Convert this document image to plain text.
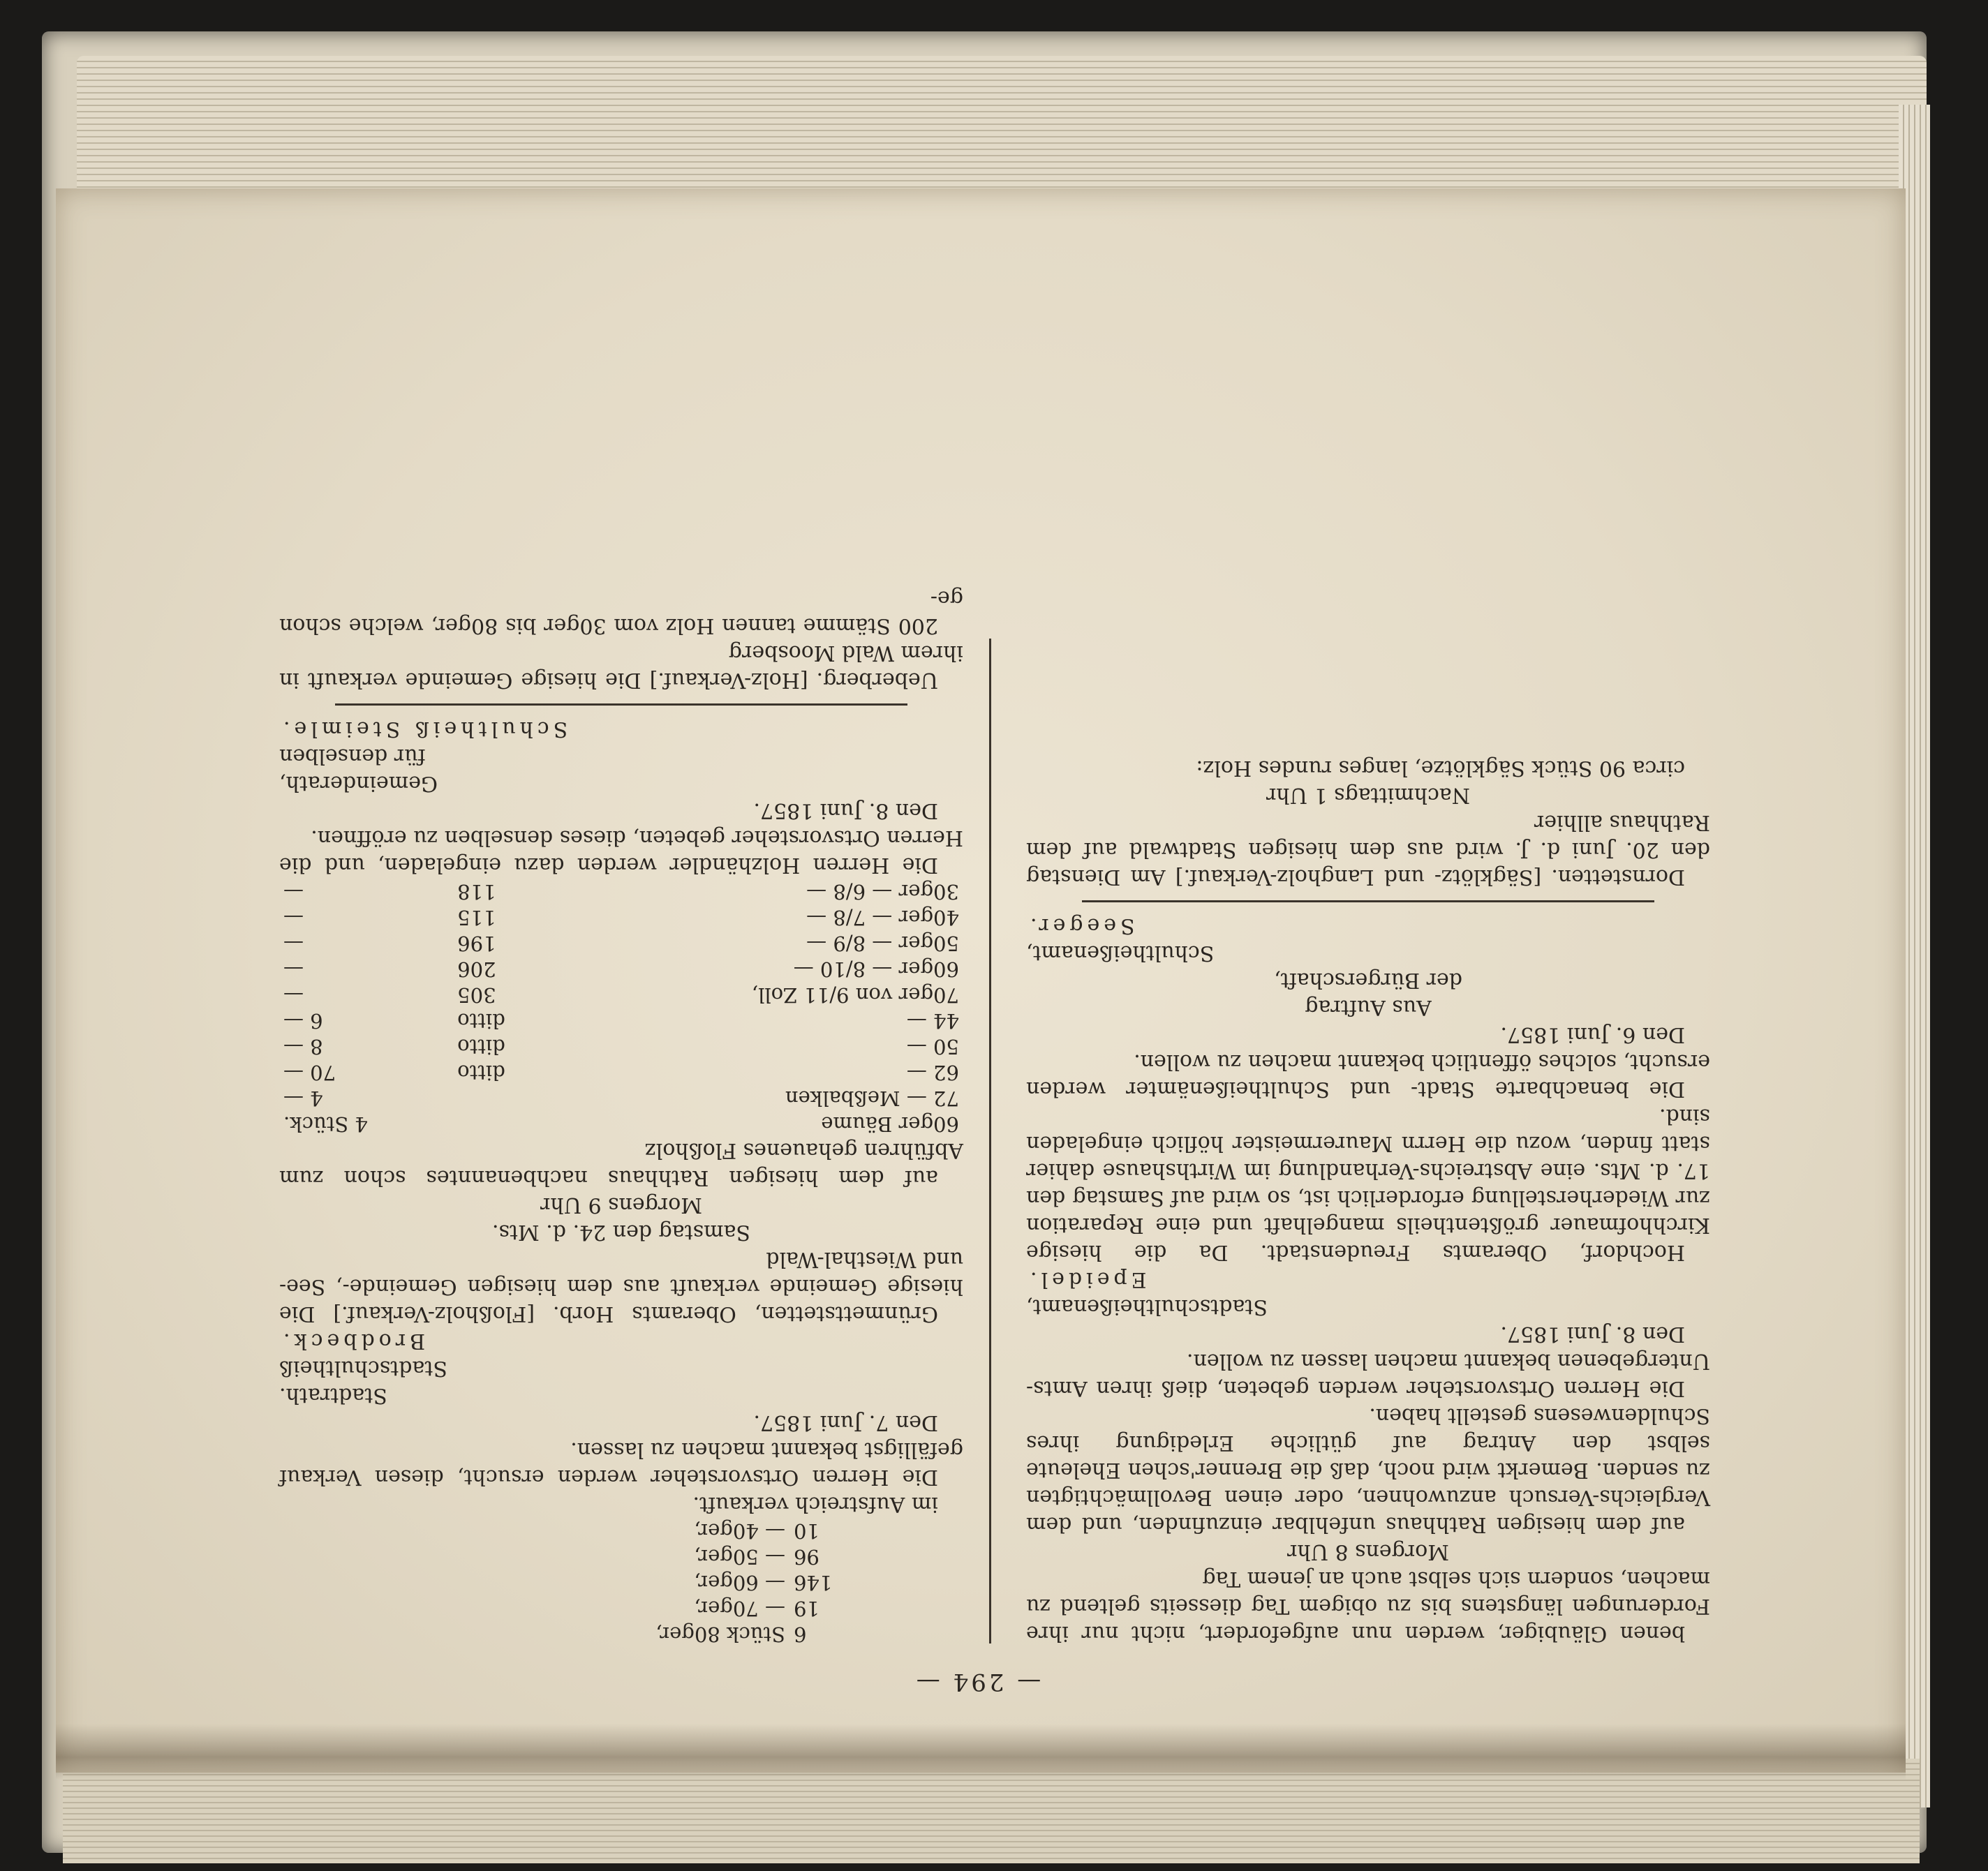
— 294 —

benen Gläubiger, werden nun aufgefordert, nicht nur ihre Forderungen längstens bis zu obigem Tag diesseits geltend zu machen, sondern sich selbst auch an jenem Tag

Morgens 8 Uhr

auf dem hiesigen Rathhaus unfehlbar einzufinden, und dem Vergleichs-Versuch anzuwohnen, oder einen Bevollmächtigten zu senden. Bemerkt wird noch, daß die Brenner'schen Eheleute selbst den Antrag auf gütliche Erledigung ihres Schuldenwesens gestellt haben.

Die Herren Ortsvorsteher werden gebeten, dieß ihren Amts-Untergebenen bekannt machen lassen zu wollen.

Den 8. Juni 1857.

Stadtschultheißenamt,

Epeidel.

Hochdorf, Oberamts Freudenstadt. Da die hiesige Kirchhofmauer größtentheils mangelhaft und eine Reparation zur Wiederherstellung erforderlich ist, so wird auf Samstag den 17. d. Mts. eine Abstreichs-Verhandlung im Wirthshause dahier statt finden, wozu die Herrn Maurermeister höflich eingeladen sind.

Die benachbarte Stadt- und Schultheißenämter werden ersucht, solches öffentlich bekannt machen zu wollen.

Den 6. Juni 1857.

Aus Auftrag

der Bürgerschaft,

Schultheißenamt,

Seeger.

Dornstetten. [Sägklötz- und Langholz-Verkauf.] Am Dienstag den 20. Juni d. J. wird aus dem hiesigen Stadtwald auf dem Rathhaus allhier

Nachmittags 1 Uhr

circa 90 Stück Sägklötze, langes rundes Holz:

6	Stück 80ger,
19	— 70ger,
146	— 60ger,
96	— 50ger,
10	— 40ger,

im Aufstreich verkauft.

Die Herren Ortsvorsteher werden ersucht, diesen Verkauf gefälligst bekannt machen zu lassen.

Den 7. Juni 1857.

Stadtrath.

Stadtschultheiß

Brodbeck.

Grünmettstetten, Oberamts Horb. [Floßholz-Verkauf.] Die hiesige Gemeinde verkauft aus dem hiesigen Gemeinde-, See- und Wiesthal-Wald

Samstag den 24. d. Mts.

Morgens 9 Uhr

auf dem hiesigen Rathhaus nachbenanntes schon zum Abführen gehauenes Floßholz

60ger Bäume		4 Stück.
72 — Meßbalken		4 —
62 —	ditto	70 —
50 —	ditto	8 —
44 —	ditto	6 —
70ger von 9/11 Zoll,	305	—
60ger — 8/10 —	206	—
50ger — 8/9 —	196	—
40ger — 7/8 —	115	—
30ger — 6/8 —	118	—

Die Herren Holzhändler werden dazu eingeladen, und die Herren Ortsvorsteher gebeten, dieses denselben zu eröffnen.

Den 8. Juni 1857.

Gemeinderath,

für denselben

Schultheiß Steimle.

Ueberberg. [Holz-Verkauf.] Die hiesige Gemeinde verkauft in ihrem Wald Moosberg

200 Stämme tannen Holz vom 30ger bis 80ger, welche schon ge-
